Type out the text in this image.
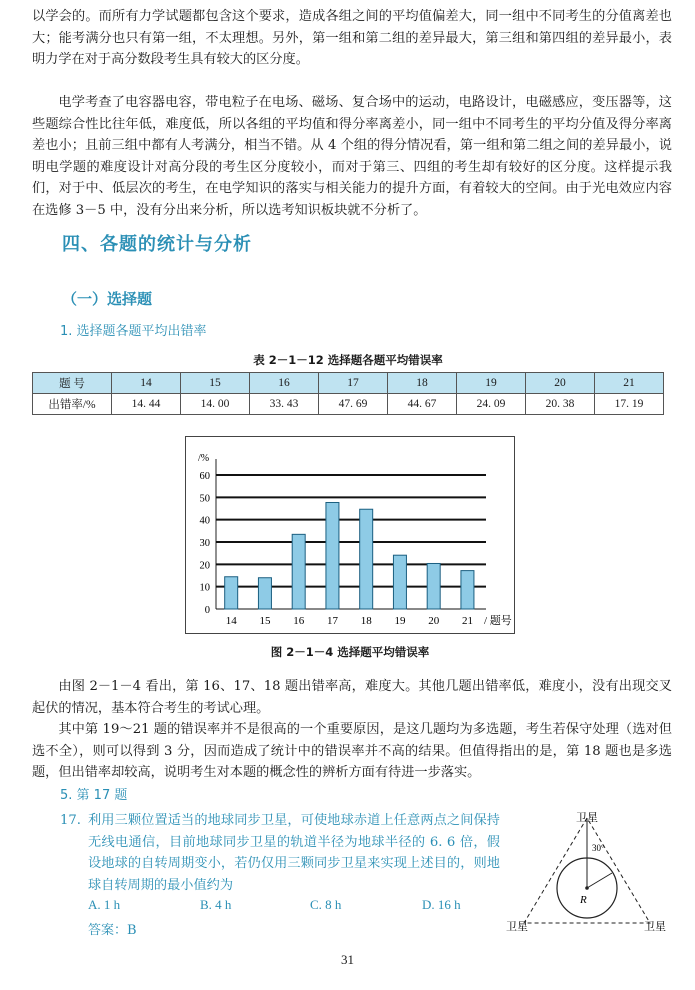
以学会的。而所有力学试题都包含这个要求，造成各组之间的平均值偏差大，同一组中不同考生的分值离差也大；能考满分也只有第一组，不太理想。另外，第一组和第二组的差异最大，第三组和第四组的差异最小，表明力学在对于高分数段考生具有较大的区分度。

电学考查了电容器电容，带电粒子在电场、磁场、复合场中的运动，电路设计，电磁感应，变压器等，这些题综合性比往年低，难度低，所以各组的平均值和得分率离差小，同一组中不同考生的平均分值及得分率离差也小；且前三组中都有人考满分，相当不错。从 4 个组的得分情况看，第一组和第二组之间的差异最小，说明电学题的难度设计对高分段的考生区分度较小，而对于第三、四组的考生却有较好的区分度。这样提示我们，对于中、低层次的考生，在电学知识的落实与相关能力的提升方面，有着较大的空间。由于光电效应内容在选修 3－5 中，没有分出来分析，所以选考知识板块就不分析了。

四、各题的统计与分析
（一）选择题
1. 选择题各题平均出错率
表 2－1－12 选择题各题平均错误率
题 号	14	15	16	17	18	19	20	21
出错率/%	14. 44	14. 00	33. 43	47. 69	44. 67	24. 09	20. 38	17. 19
/%
0
10
20
30
40
50
60
14 15 16 17 18 19 20 21 / 题号
图 2－1－4 选择题平均错误率

由图 2－1－4 看出，第 16、17、18 题出错率高，难度大。其他几题出错率低，难度小，没有出现交叉起伏的情况，基本符合考生的考试心理。

其中第 19～21 题的错误率并不是很高的一个重要原因，是这几题均为多选题，考生若保守处理（选对但选不全），则可以得到 3 分，因而造成了统计中的错误率并不高的结果。但值得指出的是，第 18 题也是多选题，但出错率却较高，说明考生对本题的概念性的辨析方面有待进一步落实。

5. 第 17 题
17. 利用三颗位置适当的地球同步卫星，可使地球赤道上任意两点之间保持无线电通信，目前地球同步卫星的轨道半径为地球半径的 6. 6 倍，假设地球的自转周期变小，若仍仅用三颗同步卫星来实现上述目的，则地球自转周期的最小值约为
A. 1 h	B. 4 h	C. 8 h	D. 16 h
答案：B
卫星
卫星	卫星
30°
R
31
